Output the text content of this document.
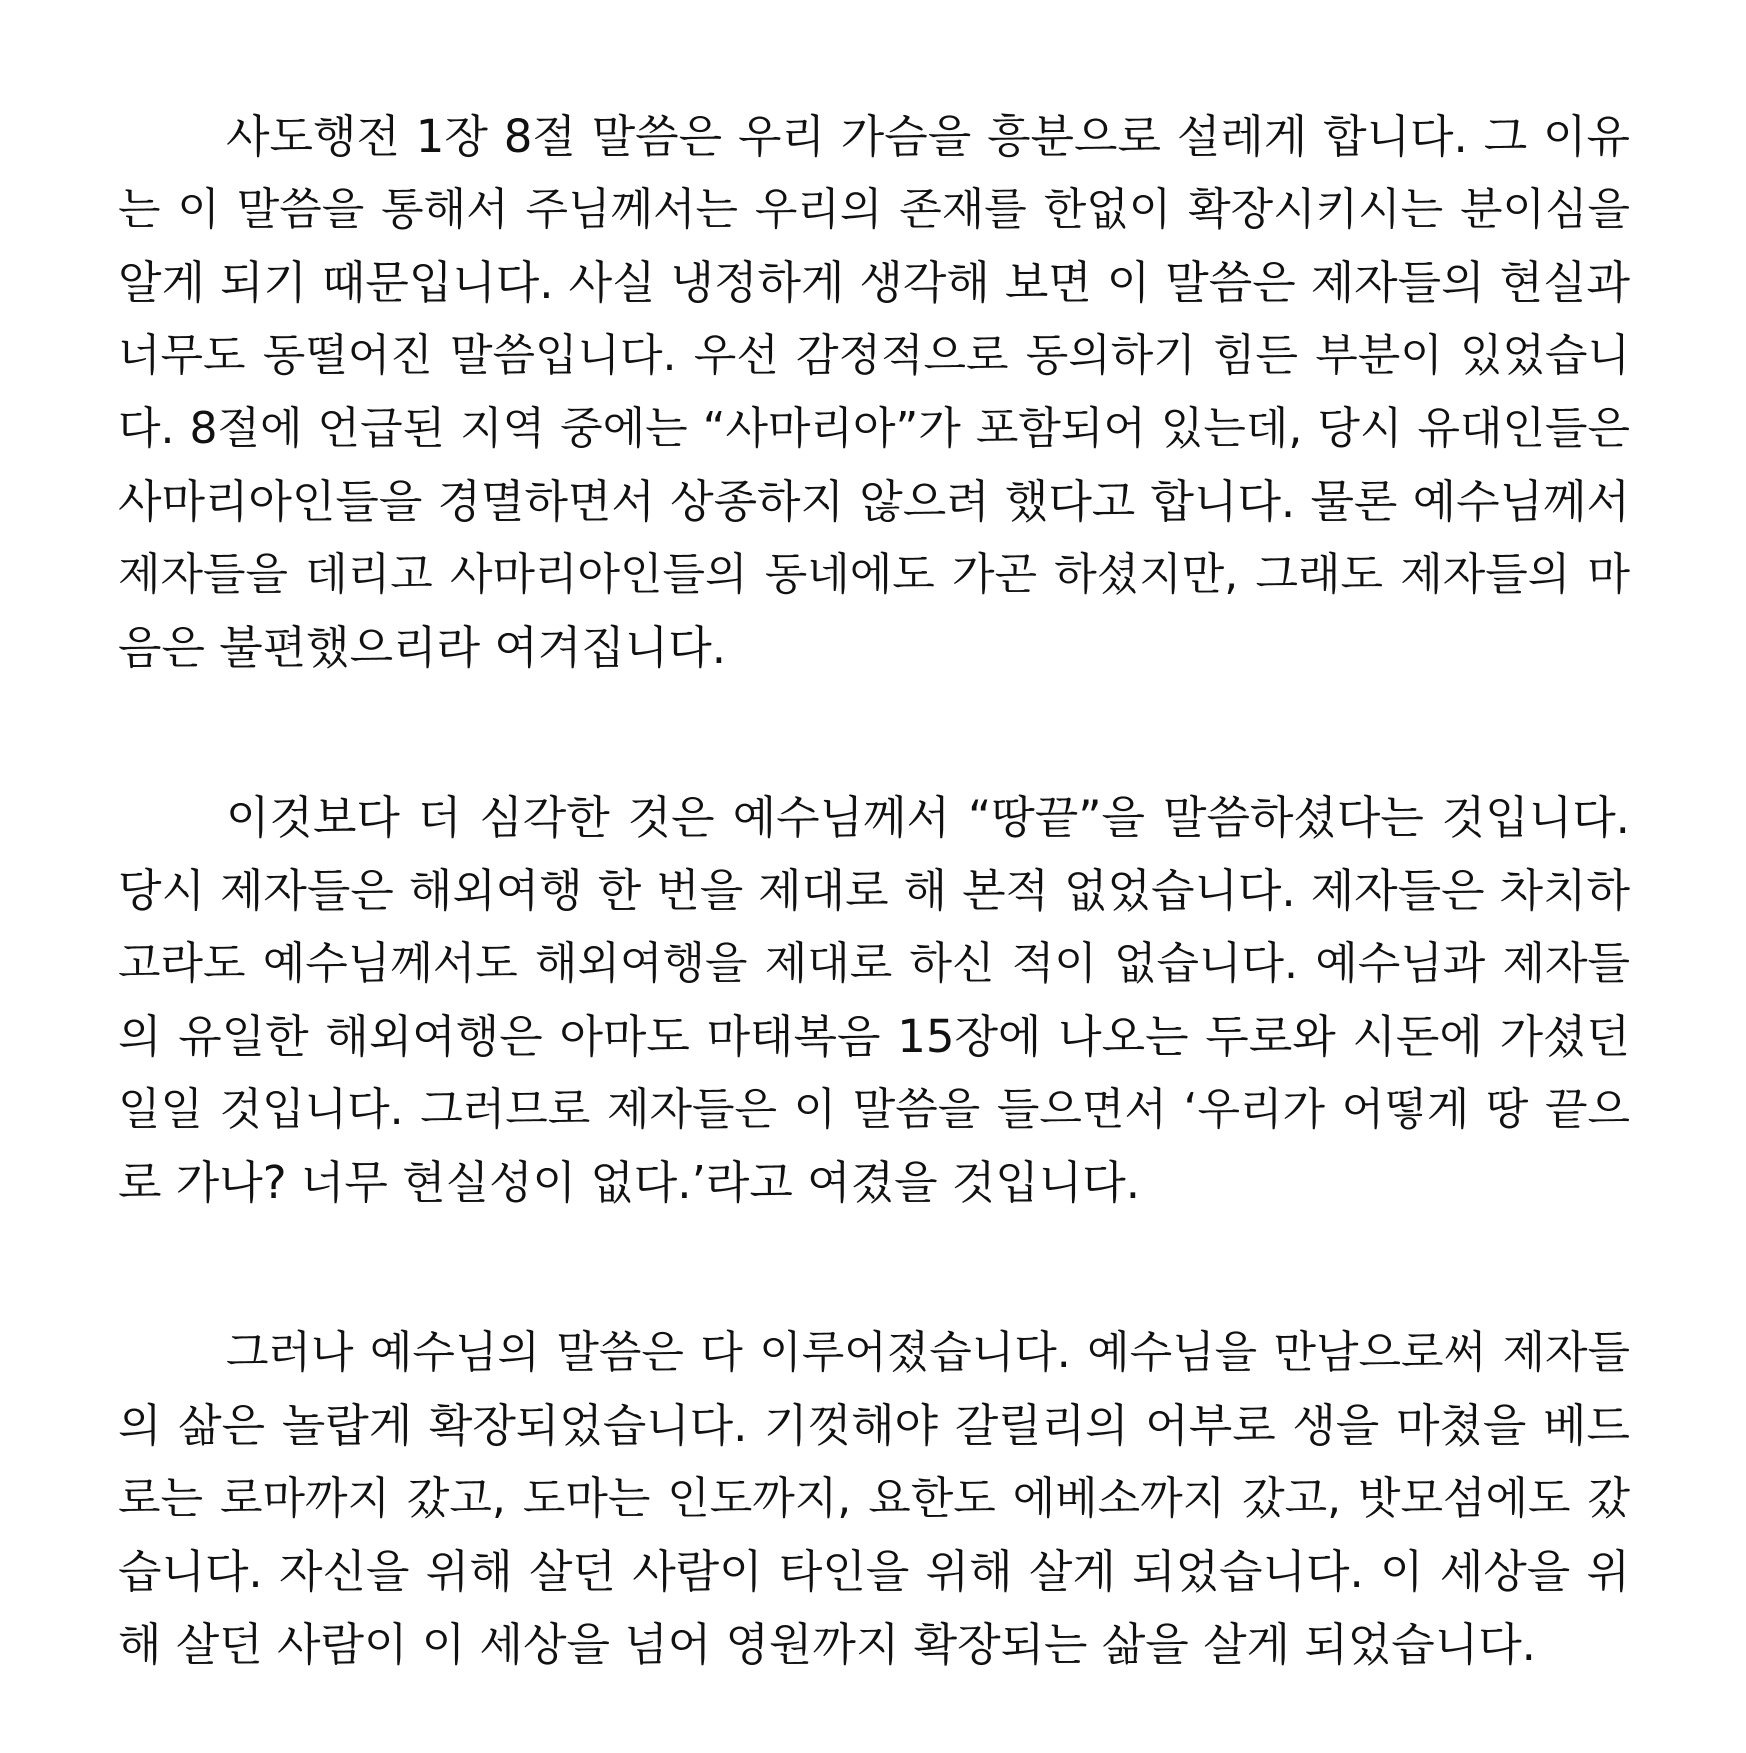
사도행전 1장 8절 말씀은 우리 가슴을 흥분으로 설레게 합니다. 그 이유
는 이 말씀을 통해서 주님께서는 우리의 존재를 한없이 확장시키시는 분이심을
알게 되기 때문입니다. 사실 냉정하게 생각해 보면 이 말씀은 제자들의 현실과
너무도 동떨어진 말씀입니다. 우선 감정적으로 동의하기 힘든 부분이 있었습니
다. 8절에 언급된 지역 중에는 “사마리아”가 포함되어 있는데, 당시 유대인들은
사마리아인들을 경멸하면서 상종하지 않으려 했다고 합니다. 물론 예수님께서
제자들을 데리고 사마리아인들의 동네에도 가곤 하셨지만, 그래도 제자들의 마
음은 불편했으리라 여겨집니다.
이것보다 더 심각한 것은 예수님께서 “땅끝”을 말씀하셨다는 것입니다.
당시 제자들은 해외여행 한 번을 제대로 해 본적 없었습니다. 제자들은 차치하
고라도 예수님께서도 해외여행을 제대로 하신 적이 없습니다. 예수님과 제자들
의 유일한 해외여행은 아마도 마태복음 15장에 나오는 두로와 시돈에 가셨던
일일 것입니다. 그러므로 제자들은 이 말씀을 들으면서 ‘우리가 어떻게 땅 끝으
로 가나? 너무 현실성이 없다.’라고 여겼을 것입니다.
그러나 예수님의 말씀은 다 이루어졌습니다. 예수님을 만남으로써 제자들
의 삶은 놀랍게 확장되었습니다. 기껏해야 갈릴리의 어부로 생을 마쳤을 베드
로는 로마까지 갔고, 도마는 인도까지, 요한도 에베소까지 갔고, 밧모섬에도 갔
습니다. 자신을 위해 살던 사람이 타인을 위해 살게 되었습니다. 이 세상을 위
해 살던 사람이 이 세상을 넘어 영원까지 확장되는 삶을 살게 되었습니다.
